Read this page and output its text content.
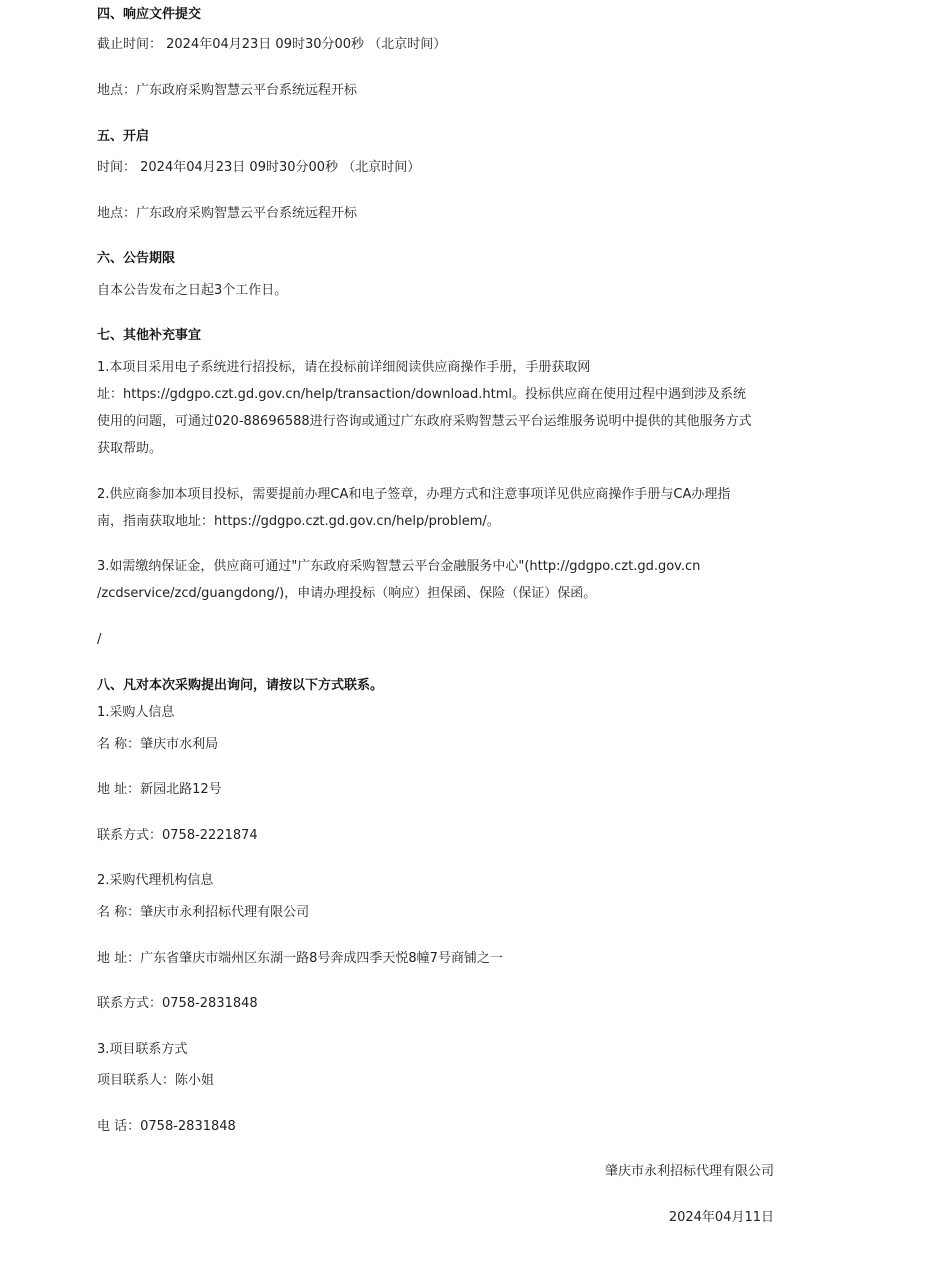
四、响应文件提交
截止时间： 2024年04月23日 09时30分00秒 （北京时间）
地点：广东政府采购智慧云平台系统远程开标
五、开启
时间： 2024年04月23日 09时30分00秒 （北京时间）
地点：广东政府采购智慧云平台系统远程开标
六、公告期限
自本公告发布之日起3个工作日。
七、其他补充事宜
1.本项目采用电子系统进行招投标，请在投标前详细阅读供应商操作手册，手册获取网
址：https://gdgpo.czt.gd.gov.cn/help/transaction/download.html。投标供应商在使用过程中遇到涉及系统
使用的问题，可通过020-88696588进行咨询或通过广东政府采购智慧云平台运维服务说明中提供的其他服务方式
获取帮助。
2.供应商参加本项目投标，需要提前办理CA和电子签章，办理方式和注意事项详见供应商操作手册与CA办理指
南，指南获取地址：https://gdgpo.czt.gd.gov.cn/help/problem/。
3.如需缴纳保证金，供应商可通过"广东政府采购智慧云平台金融服务中心"(http://gdgpo.czt.gd.gov.cn
/zcdservice/zcd/guangdong/)，申请办理投标（响应）担保函、保险（保证）保函。
/
八、凡对本次采购提出询问，请按以下方式联系。
1.采购人信息
名 称：肇庆市水利局
地 址：新园北路12号
联系方式：0758-2221874
2.采购代理机构信息
名 称：肇庆市永利招标代理有限公司
地 址：广东省肇庆市端州区东湖一路8号奔成四季天悦8幢7号商铺之一
联系方式：0758-2831848
3.项目联系方式
项目联系人：陈小姐
电 话：0758-2831848
肇庆市永利招标代理有限公司
2024年04月11日
